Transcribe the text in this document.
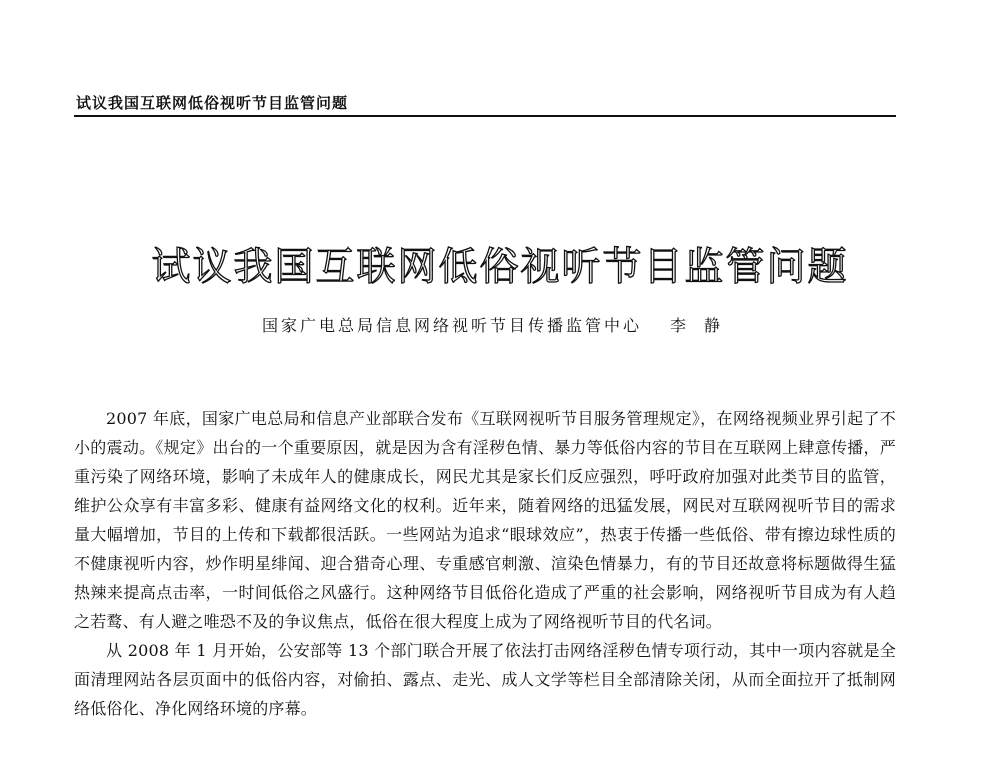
试议我国互联网低俗视听节目监管问题
试议我国互联网低俗视听节目监管问题
国家广电总局信息网络视听节目传播监管中心 李静

2007 年底，国家广电总局和信息产业部联合发布《互联网视听节目服务管理规定》，在网络视频业界引起了不小的震动。《规定》出台的一个重要原因，就是因为含有淫秽色情、暴力等低俗内容的节目在互联网上肆意传播，严重污染了网络环境，影响了未成年人的健康成长，网民尤其是家长们反应强烈，呼吁政府加强对此类节目的监管，维护公众享有丰富多彩、健康有益网络文化的权利。近年来，随着网络的迅猛发展，网民对互联网视听节目的需求量大幅增加，节目的上传和下载都很活跃。一些网站为追求“眼球效应”，热衷于传播一些低俗、带有擦边球性质的不健康视听内容，炒作明星绯闻、迎合猎奇心理、专重感官刺激、渲染色情暴力，有的节目还故意将标题做得生猛热辣来提高点击率，一时间低俗之风盛行。这种网络节目低俗化造成了严重的社会影响，网络视听节目成为有人趋之若鹜、有人避之唯恐不及的争议焦点，低俗在很大程度上成为了网络视听节目的代名词。

从 2008 年 1 月开始，公安部等 13 个部门联合开展了依法打击网络淫秽色情专项行动，其中一项内容就是全面清理网站各层页面中的低俗内容，对偷拍、露点、走光、成人文学等栏目全部清除关闭，从而全面拉开了抵制网络低俗化、净化网络环境的序幕。
